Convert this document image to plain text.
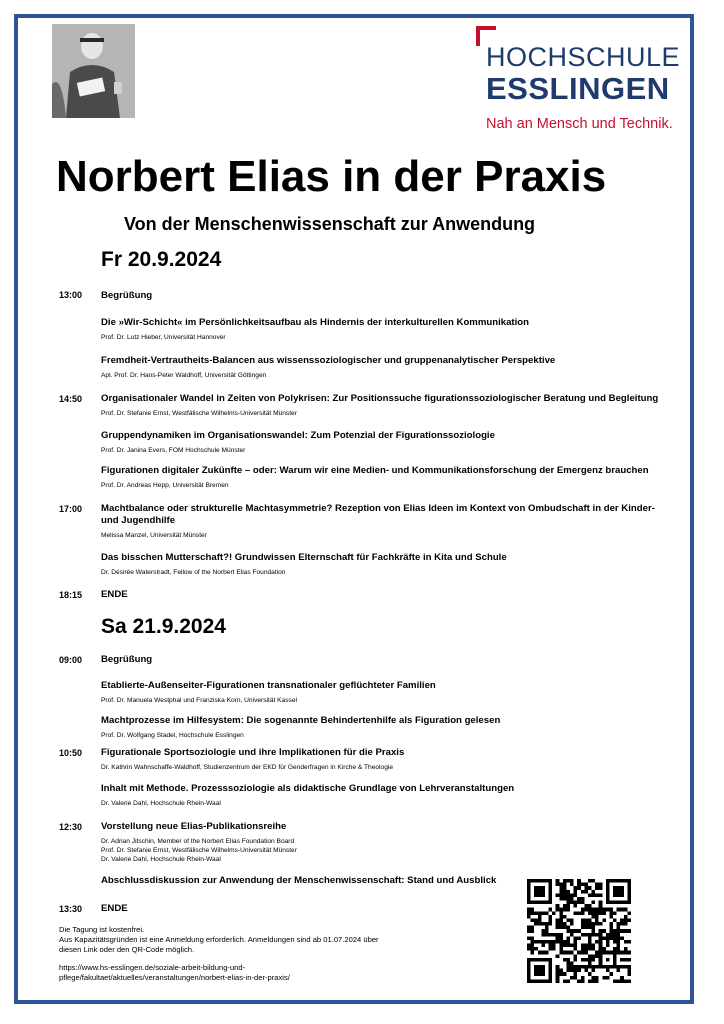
HOCHSCHULE
ESSLINGEN
Nah an Mensch und Technik.
Norbert Elias in der Praxis
Von der Menschenwissenschaft zur Anwendung
Fr 20.9.2024
13:00 Begrüßung
Die »Wir-Schicht« im Persönlichkeitsaufbau als Hindernis der interkulturellen Kommunikation
Prof. Dr. Lutz Hieber, Universität Hannover
Fremdheit-Vertrautheits-Balancen aus wissenssoziologischer und gruppenanalytischer Perspektive
Apl. Prof. Dr. Hans-Peter Waldhoff, Universität Göttingen
14:50 Organisationaler Wandel in Zeiten von Polykrisen: Zur Positionssuche figurationssoziologischer Beratung und Begleitung
Prof. Dr. Stefanie Ernst, Westfälische Wilhelms-Universität Münster
Gruppendynamiken im Organisationswandel: Zum Potenzial der Figurationssoziologie
Prof. Dr. Janina Evers, FOM Hochschule Münster
Figurationen digitaler Zukünfte – oder: Warum wir eine Medien- und Kommunikationsforschung der Emergenz brauchen
Prof. Dr. Andreas Hepp, Universität Bremen
17:00 Machtbalance oder strukturelle Machtasymmetrie? Rezeption von Elias Ideen im Kontext von Ombudschaft in der Kinder- und Jugendhilfe
Melissa Manzel, Universität Münster
Das bisschen Mutterschaft?! Grundwissen Elternschaft für Fachkräfte in Kita und Schule
Dr. Désirée Waterstradt, Fellow of the Norbert Elias Foundation
18:15 ENDE
Sa 21.9.2024
09:00 Begrüßung
Etablierte-Außenseiter-Figurationen transnationaler geflüchteter Familien
Prof. Dr. Manuela Westphal und Franziska Korn, Universität Kassel
Machtprozesse im Hilfesystem: Die sogenannte Behindertenhilfe als Figuration gelesen
Prof. Dr. Wolfgang Stadel, Hochschule Esslingen
10:50 Figurationale Sportsoziologie und ihre Implikationen für die Praxis
Dr. Kathrin Wahnschaffe-Waldhoff, Studienzentrum der EKD für Genderfragen in Kirche & Theologie
Inhalt mit Methode. Prozesssoziologie als didaktische Grundlage von Lehrveranstaltungen
Dr. Valerie Dahl, Hochschule Rhein-Waal
12:30 Vorstellung neue Elias-Publikationsreihe
Dr. Adrian Jitschin, Member of the Norbert Elias Foundation Board
Prof. Dr. Stefanie Ernst, Westfälische Wilhelms-Universität Münster
Dr. Valerie Dahl, Hochschule Rhein-Waal
Abschlussdiskussion zur Anwendung der Menschenwissenschaft: Stand und Ausblick
13:30 ENDE
Die Tagung ist kostenfrei.
Aus Kapazitätsgründen ist eine Anmeldung erforderlich. Anmeldungen sind ab 01.07.2024 über
diesen Link oder den QR-Code möglich.
https://www.hs-esslingen.de/soziale-arbeit-bildung-und-
pflege/fakultaet/aktuelles/veranstaltungen/norbert-elias-in-der-praxis/
